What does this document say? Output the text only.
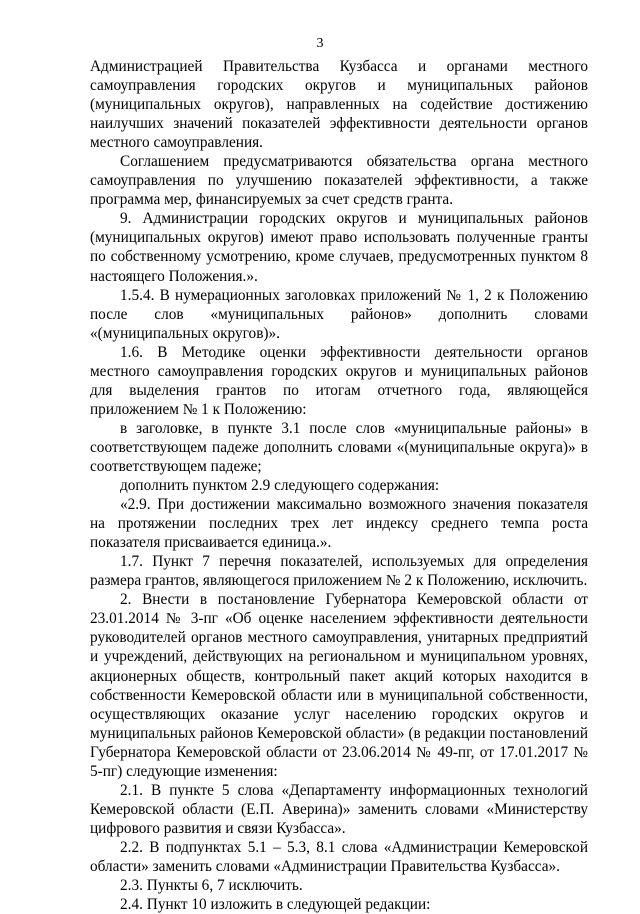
3

Администрацией Правительства Кузбасса и органами местного самоуправления городских округов и муниципальных районов (муниципальных округов), направленных на содействие достижению наилучших значений показателей эффективности деятельности органов местного самоуправления.

Соглашением предусматриваются обязательства органа местного самоуправления по улучшению показателей эффективности, а также программа мер, финансируемых за счет средств гранта.

9. Администрации городских округов и муниципальных районов (муниципальных округов) имеют право использовать полученные гранты по собственному усмотрению, кроме случаев, предусмотренных пунктом 8 настоящего Положения.».

1.5.4. В нумерационных заголовках приложений № 1, 2 к Положению после слов «муниципальных районов» дополнить словами «(муниципальных округов)».

1.6. В Методике оценки эффективности деятельности органов местного самоуправления городских округов и муниципальных районов для выделения грантов по итогам отчетного года, являющейся приложением № 1 к Положению:

в заголовке, в пункте 3.1 после слов «муниципальные районы» в соответствующем падеже дополнить словами «(муниципальные округа)» в соответствующем падеже;

дополнить пунктом 2.9 следующего содержания:

«2.9. При достижении максимально возможного значения показателя на протяжении последних трех лет индексу среднего темпа роста показателя присваивается единица.».

1.7. Пункт 7 перечня показателей, используемых для определения размера грантов, являющегося приложением № 2 к Положению, исключить.

2. Внести в постановление Губернатора Кемеровской области от 23.01.2014 № 3-пг «Об оценке населением эффективности деятельности руководителей органов местного самоуправления, унитарных предприятий и учреждений, действующих на региональном и муниципальном уровнях, акционерных обществ, контрольный пакет акций которых находится в собственности Кемеровской области или в муниципальной собственности, осуществляющих оказание услуг населению городских округов и муниципальных районов Кемеровской области» (в редакции постановлений Губернатора Кемеровской области от 23.06.2014 № 49-пг, от 17.01.2017 № 5-пг) следующие изменения:

2.1. В пункте 5 слова «Департаменту информационных технологий Кемеровской области (Е.П. Аверина)» заменить словами «Министерству цифрового развития и связи Кузбасса».

2.2. В подпунктах 5.1 – 5.3, 8.1 слова «Администрации Кемеровской области» заменить словами «Администрации Правительства Кузбасса».

2.3. Пункты 6, 7 исключить.

2.4. Пункт 10 изложить в следующей редакции:
